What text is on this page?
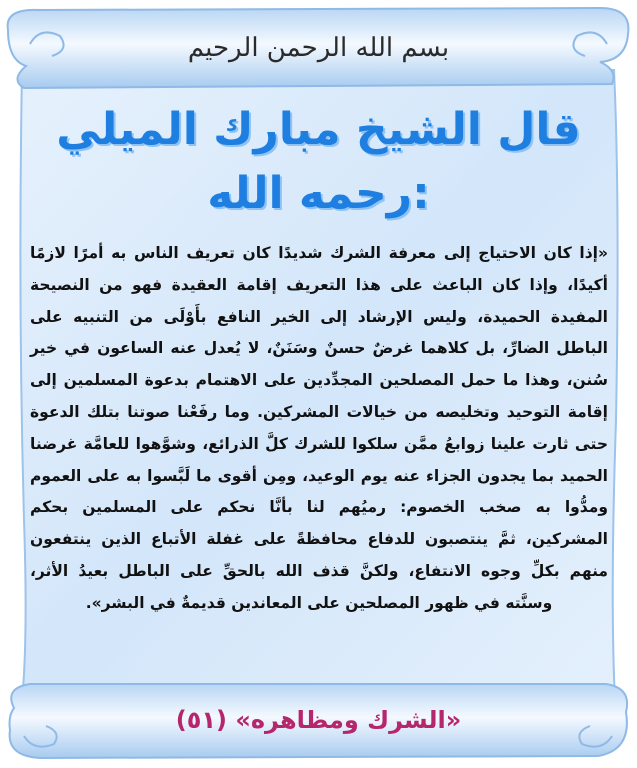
بسم الله الرحمن الرحيم
قال الشيخ مبارك الميلي
رحمه الله:
«إذا كان الاحتياج إلى معرفة الشرك شديدًا كان تعريف الناس به أمرًا لازمًا أكيدًا، وإذا كان الباعث على هذا التعريف إقامة العقيدة فهو من النصيحة المفيدة الحميدة، وليس الإرشاد إلى الخير النافع بأَوْلَى من التنبيه على الباطل الضارِّ، بل كلاهما غرضٌ حسنٌ وسَنَنٌ، لا يُعدل عنه الساعون في خير سُنن، وهذا ما حمل المصلحين المجدِّدين على الاهتمام بدعوة المسلمين إلى إقامة التوحيد وتخليصه من خيالات المشركين. وما رفَعْنا صوتنا بتلك الدعوة حتى ثارت علينا زوابعُ ممَّن سلكوا للشرك كلَّ الذرائع، وشوَّهوا للعامَّة غرضنا الحميد بما يجدون الجزاء عنه يوم الوعيد، ومِن أقوى ما لَبَّسوا به على العموم ومدُّوا به صخب الخصوم: رميُهم لنا بأنَّا نحكم على المسلمين بحكم المشركين، ثمَّ ينتصبون للدفاع محافظةً على غفلة الأتباع الذين ينتفعون منهم بكلِّ وجوه الانتفاع، ولكنَّ قذف الله بالحقِّ على الباطل بعيدُ الأثر، وسنَّته في ظهور المصلحين على المعاندين قديمةٌ في البشر».
«الشرك ومظاهره» (٥١)
